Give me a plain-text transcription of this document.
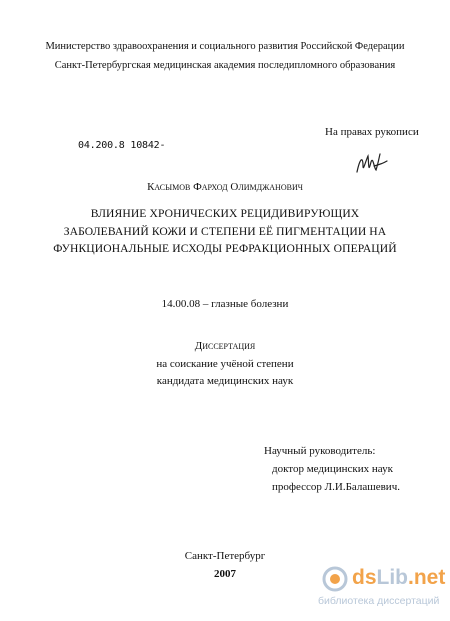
Министерство здравоохранения и социального развития Российской Федерации
Санкт-Петербургская медицинская академия последипломного образования
На правах рукописи
04.200.8 10842-
Касымов Фарход Олимджанович
ВЛИЯНИЕ ХРОНИЧЕСКИХ РЕЦИДИВИРУЮЩИХ
ЗАБОЛЕВАНИЙ КОЖИ И СТЕПЕНИ ЕЁ ПИГМЕНТАЦИИ НА
ФУНКЦИОНАЛЬНЫЕ ИСХОДЫ РЕФРАКЦИОННЫХ ОПЕРАЦИЙ
14.00.08 – глазные болезни
Диссертация
на соискание учёной степени
кандидата медицинских наук
Научный руководитель:
доктор медицинских наук
профессор Л.И.Балашевич.
Санкт-Петербург
2007	dsLib.net
библиотека диссертаций
